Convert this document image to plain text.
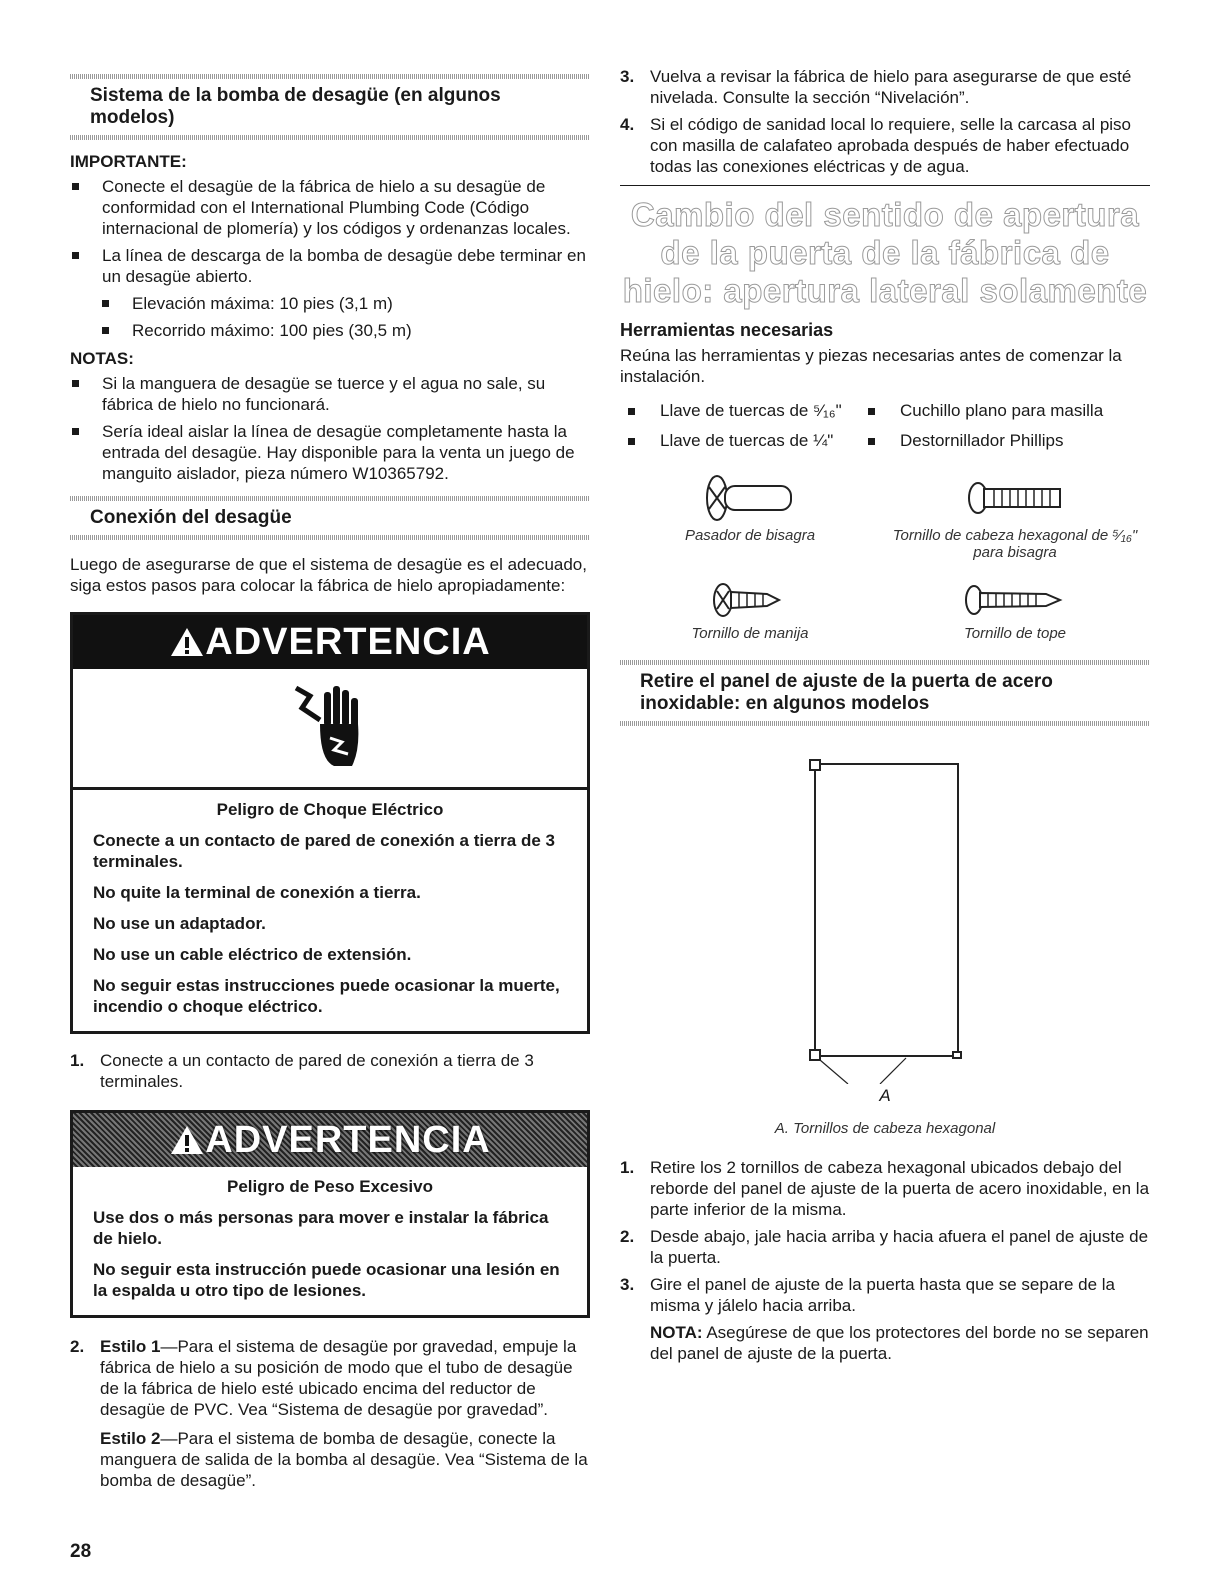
Sistema de la bomba de desagüe (en algunos modelos)
IMPORTANTE:
Conecte el desagüe de la fábrica de hielo a su desagüe de conformidad con el International Plumbing Code (Código internacional de plomería) y los códigos y ordenanzas locales.
La línea de descarga de la bomba de desagüe debe terminar en un desagüe abierto.
Elevación máxima: 10 pies (3,1 m)
Recorrido máximo: 100 pies (30,5 m)
NOTAS:
Si la manguera de desagüe se tuerce y el agua no sale, su fábrica de hielo no funcionará.
Sería ideal aislar la línea de desagüe completamente hasta la entrada del desagüe. Hay disponible para la venta un juego de manguito aislador, pieza número W10365792.
Conexión del desagüe

Luego de asegurarse de que el sistema de desagüe es el adecuado, siga estos pasos para colocar la fábrica de hielo apropiadamente:

ADVERTENCIA
Peligro de Choque Eléctrico

Conecte a un contacto de pared de conexión a tierra de 3 terminales.

No quite la terminal de conexión a tierra.

No use un adaptador.

No use un cable eléctrico de extensión.

No seguir estas instrucciones puede ocasionar la muerte, incendio o choque eléctrico.

1. Conecte a un contacto de pared de conexión a tierra de 3 terminales.
ADVERTENCIA
Peligro de Peso Excesivo

Use dos o más personas para mover e instalar la fábrica de hielo.

No seguir esta instrucción puede ocasionar una lesión en la espalda u otro tipo de lesiones.

2. Estilo 1—Para el sistema de desagüe por gravedad, empuje la fábrica de hielo a su posición de modo que el tubo de desagüe de la fábrica de hielo esté ubicado encima del reductor de desagüe de PVC. Vea “Sistema de desagüe por gravedad”.

Estilo 2—Para el sistema de bomba de desagüe, conecte la manguera de salida de la bomba al desagüe. Vea “Sistema de la bomba de desagüe”.

3. Vuelva a revisar la fábrica de hielo para asegurarse de que esté nivelada. Consulte la sección “Nivelación”.
4. Si el código de sanidad local lo requiere, selle la carcasa al piso con masilla de calafateo aprobada después de haber efectuado todas las conexiones eléctricas y de agua.
Cambio del sentido de apertura
de la puerta de la fábrica de
hielo: apertura lateral solamente
Herramientas necesarias

Reúna las herramientas y piezas necesarias antes de comenzar la instalación.

Llave de tuercas de ⁵⁄₁₆"	Cuchillo plano para masilla
Llave de tuercas de ¼"	Destornillador Phillips
Pasador de bisagra	Tornillo de cabeza hexagonal de ⁵⁄₁₆" para bisagra
Tornillo de manija	Tornillo de tope
Retire el panel de ajuste de la puerta de acero inoxidable: en algunos modelos
A
A. Tornillos de cabeza hexagonal
1. Retire los 2 tornillos de cabeza hexagonal ubicados debajo del reborde del panel de ajuste de la puerta de acero inoxidable, en la parte inferior de la misma.
2. Desde abajo, jale hacia arriba y hacia afuera el panel de ajuste de la puerta.
3. Gire el panel de ajuste de la puerta hasta que se separe de la misma y jálelo hacia arriba.

NOTA: Asegúrese de que los protectores del borde no se separen del panel de ajuste de la puerta.

28
